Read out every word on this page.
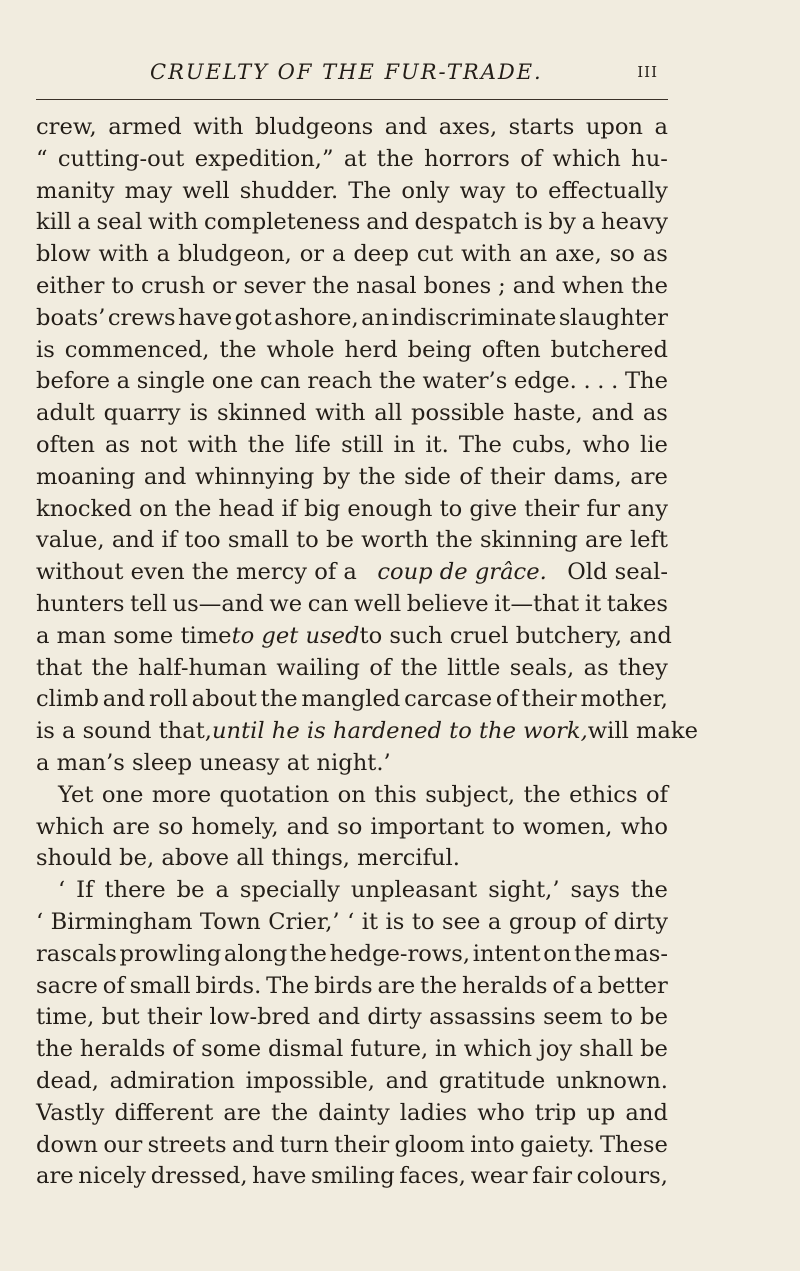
CRUELTY OF THE FUR-TRADE.	III
crew, armed with bludgeons and axes, starts upon a
“ cutting-out expedition,” at the horrors of which hu-
manity may well shudder. The only way to effectually
kill a seal with completeness and despatch is by a heavy
blow with a bludgeon, or a deep cut with an axe, so as
either to crush or sever the nasal bones ; and when the
boats’ crews have got ashore, an indiscriminate slaughter
is commenced, the whole herd being often butchered
before a single one can reach the water’s edge. . . . The
adult quarry is skinned with all possible haste, and as
often as not with the life still in it. The cubs, who lie
moaning and whinnying by the side of their dams, are
knocked on the head if big enough to give their fur any
value, and if too small to be worth the skinning are left
without even the mercy of a coup de grâce. Old seal-
hunters tell us—and we can well believe it—that it takes
a man some time to get used to such cruel butchery, and
that the half-human wailing of the little seals, as they
climb and roll about the mangled carcase of their mother,
is a sound that, until he is hardened to the work, will make
a man’s sleep uneasy at night.’
Yet one more quotation on this subject, the ethics of
which are so homely, and so important to women, who
should be, above all things, merciful.
‘ If there be a specially unpleasant sight,’ says the
‘ Birmingham Town Crier,’ ‘ it is to see a group of dirty
rascals prowling along the hedge-rows, intent on the mas-
sacre of small birds. The birds are the heralds of a better
time, but their low-bred and dirty assassins seem to be
the heralds of some dismal future, in which joy shall be
dead, admiration impossible, and gratitude unknown.
Vastly different are the dainty ladies who trip up and
down our streets and turn their gloom into gaiety. These
are nicely dressed, have smiling faces, wear fair colours,
